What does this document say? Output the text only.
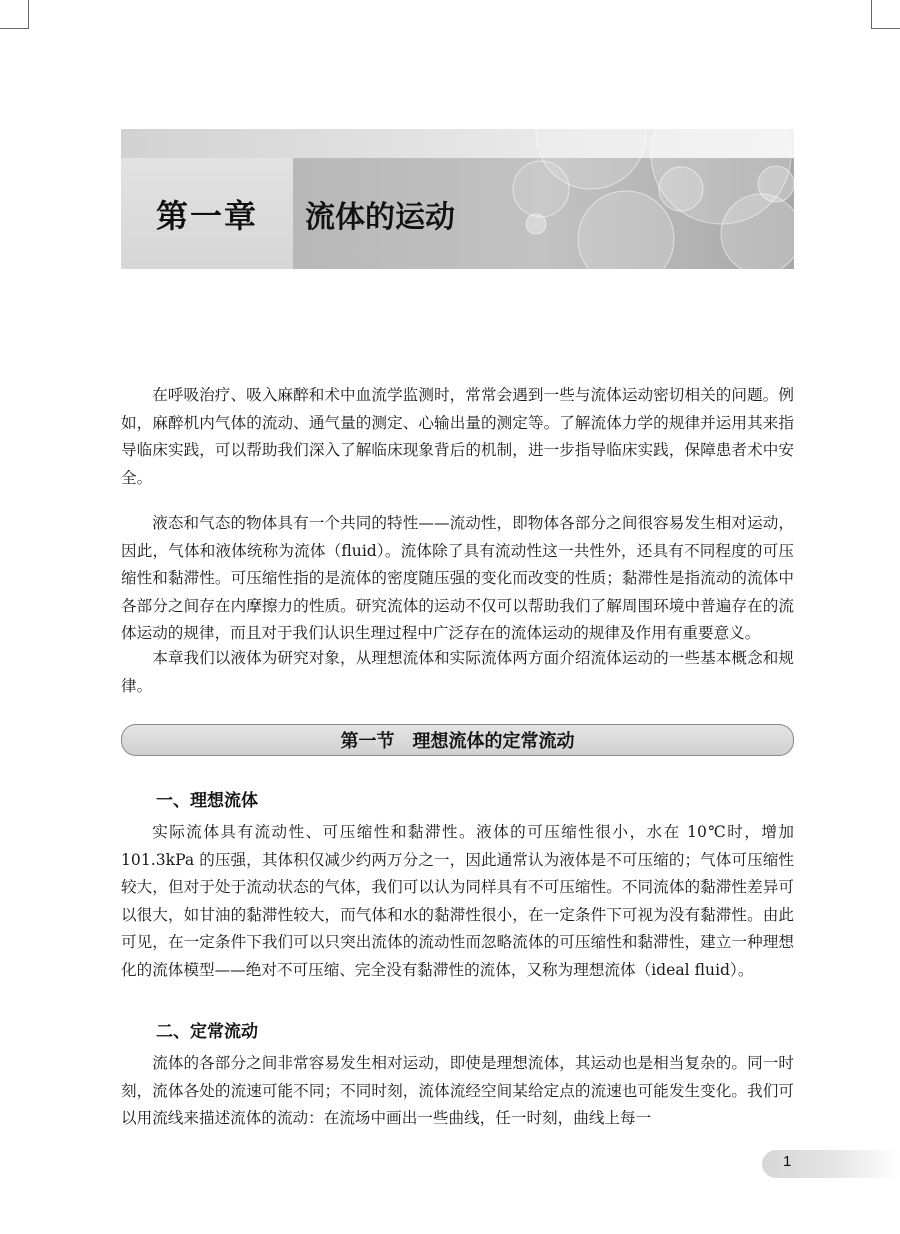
第一章	流体的运动

在呼吸治疗、吸入麻醉和术中血流学监测时，常常会遇到一些与流体运动密切相关的问题。例如，麻醉机内气体的流动、通气量的测定、心输出量的测定等。了解流体力学的规律并运用其来指导临床实践，可以帮助我们深入了解临床现象背后的机制，进一步指导临床实践，保障患者术中安全。

液态和气态的物体具有一个共同的特性——流动性，即物体各部分之间很容易发生相对运动，因此，气体和液体统称为流体（fluid）。流体除了具有流动性这一共性外，还具有不同程度的可压缩性和黏滞性。可压缩性指的是流体的密度随压强的变化而改变的性质；黏滞性是指流动的流体中各部分之间存在内摩擦力的性质。研究流体的运动不仅可以帮助我们了解周围环境中普遍存在的流体运动的规律，而且对于我们认识生理过程中广泛存在的流体运动的规律及作用有重要意义。

本章我们以液体为研究对象，从理想流体和实际流体两方面介绍流体运动的一些基本概念和规律。

第一节 理想流体的定常流动
一、理想流体

实际流体具有流动性、可压缩性和黏滞性。液体的可压缩性很小，水在 10℃时，增加 101.3kPa 的压强，其体积仅减少约两万分之一，因此通常认为液体是不可压缩的；气体可压缩性较大，但对于处于流动状态的气体，我们可以认为同样具有不可压缩性。不同流体的黏滞性差异可以很大，如甘油的黏滞性较大，而气体和水的黏滞性很小，在一定条件下可视为没有黏滞性。由此可见，在一定条件下我们可以只突出流体的流动性而忽略流体的可压缩性和黏滞性，建立一种理想化的流体模型——绝对不可压缩、完全没有黏滞性的流体，又称为理想流体（ideal fluid）。

二、定常流动

流体的各部分之间非常容易发生相对运动，即使是理想流体，其运动也是相当复杂的。同一时刻，流体各处的流速可能不同；不同时刻，流体流经空间某给定点的流速也可能发生变化。我们可以用流线来描述流体的流动：在流场中画出一些曲线，任一时刻，曲线上每一

1
